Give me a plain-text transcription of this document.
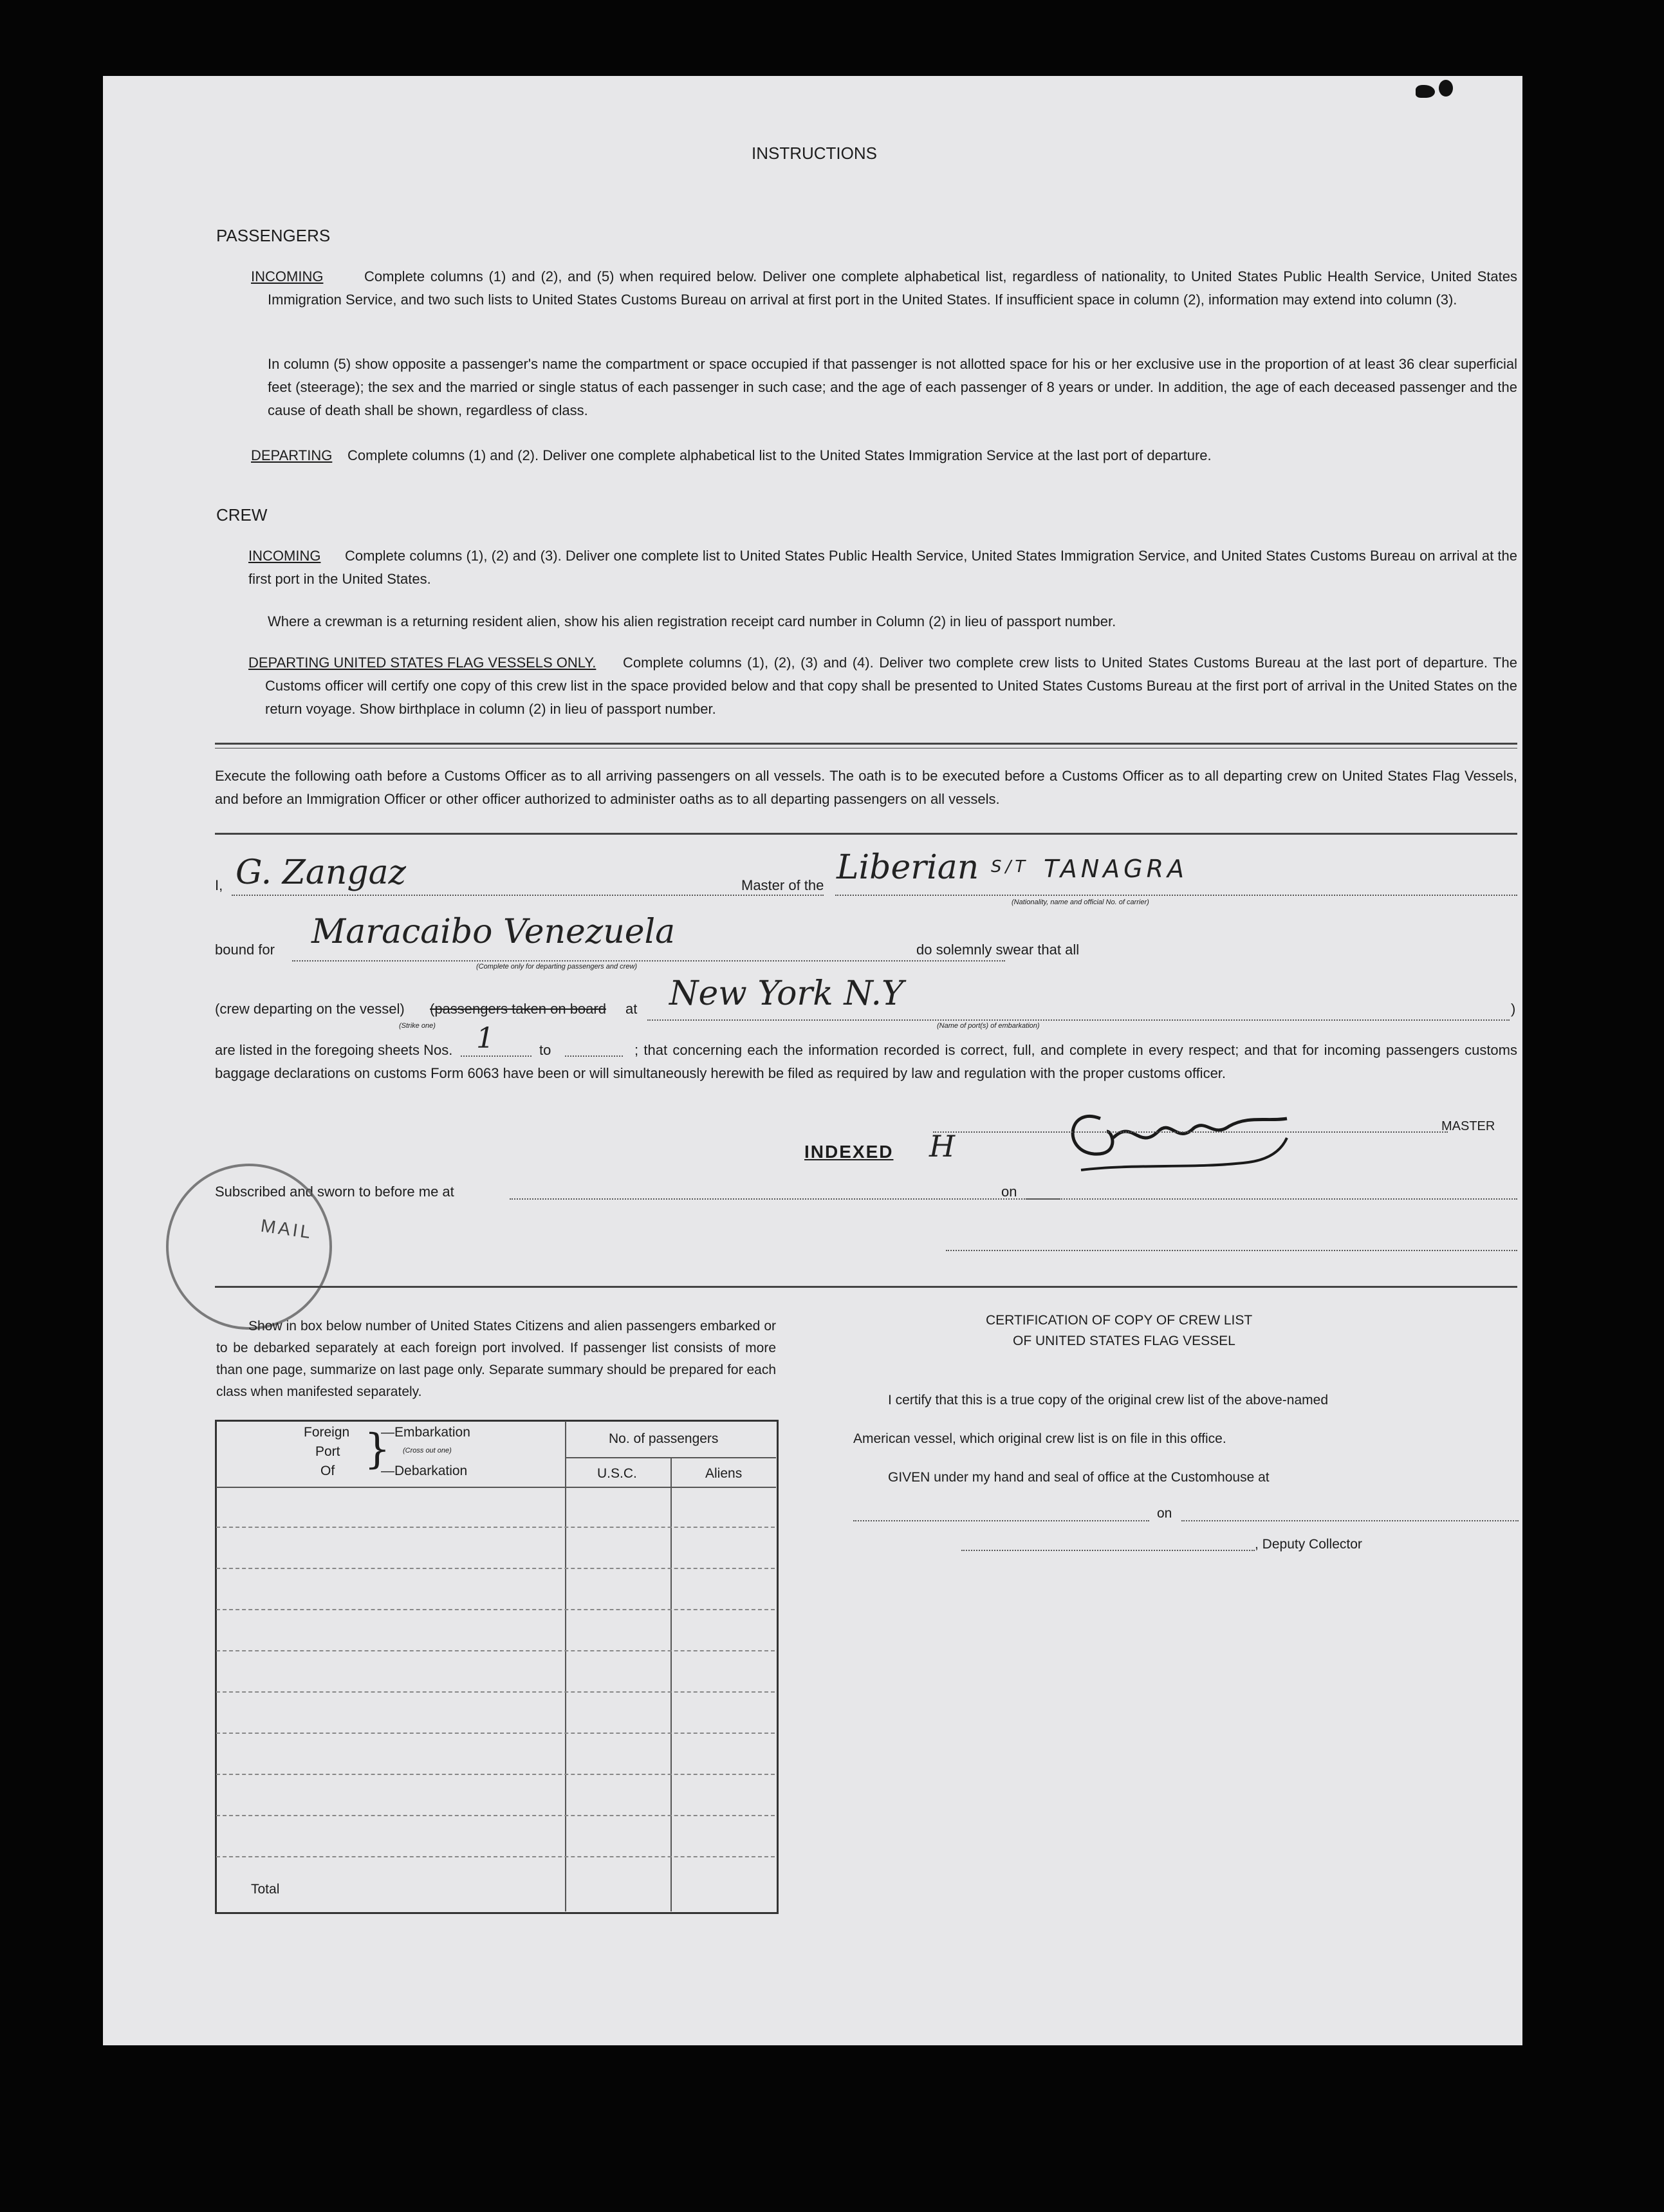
INSTRUCTIONS
PASSENGERS
INCOMING	Complete columns (1) and (2), and (5) when required below. Deliver one complete alphabetical list, regardless of nationality, to United States Public Health Service, United States Immigration Service, and two such lists to United States Customs Bureau on arrival at first port in the United States. If insufficient space in column (2), information may extend into column (3).
In column (5) show opposite a passenger's name the compartment or space occupied if that passenger is not allotted space for his or her exclusive use in the proportion of at least 36 clear superficial feet (steerage); the sex and the married or single status of each passenger in such case; and the age of each passenger of 8 years or under. In addition, the age of each deceased passenger and the cause of death shall be shown, regardless of class.
DEPARTING Complete columns (1) and (2). Deliver one complete alphabetical list to the United States Immigration Service at the last port of departure.
CREW
INCOMING	Complete columns (1), (2) and (3). Deliver one complete list to United States Public Health Service, United States Immigration Service, and United States Customs Bureau on arrival at the first port in the United States.
Where a crewman is a returning resident alien, show his alien registration receipt card number in Column (2) in lieu of passport number.
DEPARTING UNITED STATES FLAG VESSELS ONLY.	Complete columns (1), (2), (3) and (4). Deliver two complete crew lists to United States Customs Bureau at the last port of departure. The Customs officer will certify one copy of this crew list in the space provided below and that copy shall be presented to United States Customs Bureau at the first port of arrival in the United States on the return voyage. Show birthplace in column (2) in lieu of passport number.
Execute the following oath before a Customs Officer as to all arriving passengers on all vessels. The oath is to be executed before a Customs Officer as to all departing crew on United States Flag Vessels, and before an Immigration Officer or other officer authorized to administer oaths as to all departing passengers on all vessels.
I, G. Zangaz	Master of the Liberian S/T TANAGRA
(Nationality, name and official No. of carrier)
bound for Maracaibo Venezuela
(Complete only for departing passengers and crew)
do solemnly swear that all
(crew departing on the vessel) (passengers taken on board at
(Strike one)
New York N.Y
(Name of port(s) of embarkation)
)
are listed in the foregoing sheets Nos. 1	to	; that concerning each the information recorded is correct, full, and complete in every respect; and that for incoming passengers customs baggage declarations on customs Form 6063 have been or will simultaneously herewith be filed as required by law and regulation with the proper customs officer.
MASTER
INDEXED H
Subscribed and sworn to before me at	on
MAIL
Show in box below number of United States Citizens and alien passengers embarked or to be debarked separately at each foreign port involved. If passenger list consists of more than one page, summarize on last page only. Separate summary should be prepared for each class when manifested separately.
Foreign
Port
Of }
—Embarkation
(Cross out one)
—Debarkation
No. of passengers
U.S.C.	Aliens
Total
CERTIFICATION OF COPY OF CREW LIST
OF UNITED STATES FLAG VESSEL
I certify that this is a true copy of the original crew list of the above-named
American vessel, which original crew list is on file in this office.
GIVEN under my hand and seal of office at the Customhouse at
on
, Deputy Collector
